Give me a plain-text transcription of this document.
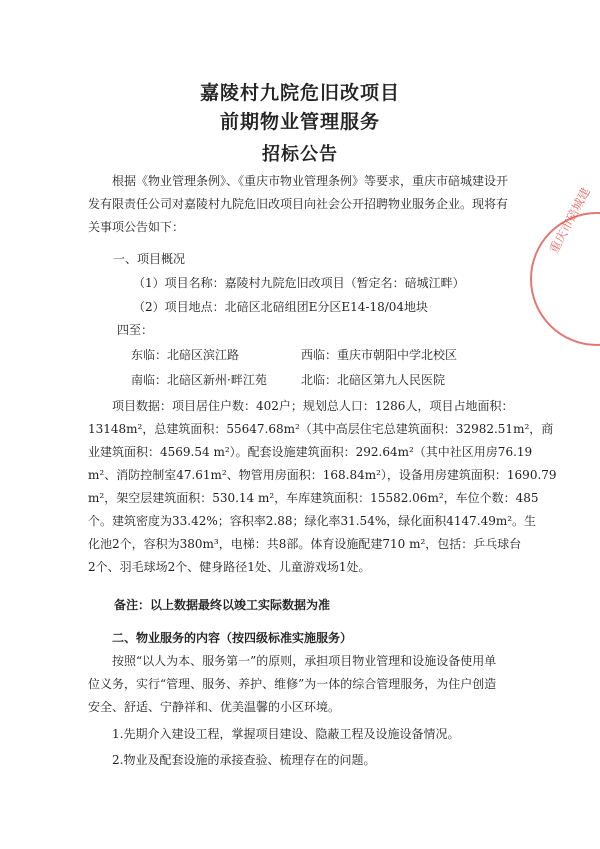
嘉陵村九院危旧改项目
前期物业管理服务
招标公告
根据《物业管理条例》、《重庆市物业管理条例》等要求，重庆市碚城建设开
发有限责任公司对嘉陵村九院危旧改项目向社会公开招聘物业服务企业。现将有
关事项公告如下：
一、项目概况
（1）项目名称：嘉陵村九院危旧改项目（暂定名：碚城江畔）
（2）项目地点：北碚区北碚组团E分区E14-18/04地块
四至：
东临：北碚区滨江路	西临：重庆市朝阳中学北校区
南临：北碚区新州·畔江苑	北临：北碚区第九人民医院
项目数据：项目居住户数：402户；规划总人口：1286人，项目占地面积：
13148m²，总建筑面积：55647.68m²（其中高层住宅总建筑面积：32982.51m²，商
业建筑面积：4569.54 m²）。配套设施建筑面积：292.64m²（其中社区用房76.19
m²、消防控制室47.61m²、物管用房面积：168.84m²），设备用房建筑面积：1690.79
m²，架空层建筑面积：530.14 m²，车库建筑面积：15582.06m²，车位个数：485
个。建筑密度为33.42%；容积率2.88；绿化率31.54%，绿化面积4147.49m²。生
化池2个，容积为380m³，电梯：共8部。体育设施配建710 m²，包括：乒乓球台
2个、羽毛球场2个、健身路径1处、儿童游戏场1处。
备注：以上数据最终以竣工实际数据为准
二、物业服务的内容（按四级标准实施服务）
按照“以人为本、服务第一”的原则，承担项目物业管理和设施设备使用单
位义务，实行“管理、服务、养护、维修”为一体的综合管理服务，为住户创造
安全、舒适、宁静祥和、优美温馨的小区环境。
1.先期介入建设工程，掌握项目建设、隐蔽工程及设施设备情况。
2.物业及配套设施的承接查验、梳理存在的问题。
重庆市碚城建
